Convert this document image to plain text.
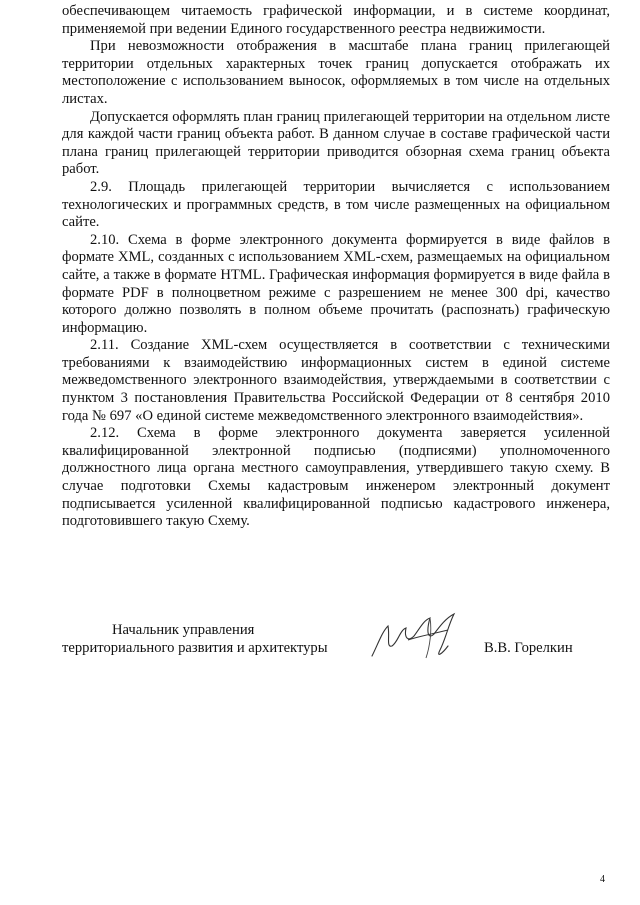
обеспечивающем читаемость графической информации, и в системе координат, применяемой при ведении Единого государственного реестра недвижимости.

При невозможности отображения в масштабе плана границ прилегающей территории отдельных характерных точек границ допускается отображать их местоположение с использованием выносок, оформляемых в том числе на отдельных листах.

Допускается оформлять план границ прилегающей территории на отдельном листе для каждой части границ объекта работ. В данном случае в составе графической части плана границ прилегающей территории приводится обзорная схема границ объекта работ.

2.9. Площадь прилегающей территории вычисляется с использованием технологических и программных средств, в том числе размещенных на официальном сайте.

2.10. Схема в форме электронного документа формируется в виде файлов в формате XML, созданных с использованием XML-схем, размещаемых на официальном сайте, а также в формате HTML. Графическая информация формируется в виде файла в формате PDF в полноцветном режиме с разрешением не менее 300 dpi, качество которого должно позволять в полном объеме прочитать (распознать) графическую информацию.

2.11. Создание XML-схем осуществляется в соответствии с техническими требованиями к взаимодействию информационных систем в единой системе межведомственного электронного взаимодействия, утверждаемыми в соответствии с пунктом 3 постановления Правительства Российской Федерации от 8 сентября 2010 года № 697 «О единой системе межведомственного электронного взаимодействия».

2.12. Схема в форме электронного документа заверяется усиленной квалифицированной электронной подписью (подписями) уполномоченного должностного лица органа местного самоуправления, утвердившего такую схему. В случае подготовки Схемы кадастровым инженером электронный документ подписывается усиленной квалифицированной подписью кадастрового инженера, подготовившего такую Схему.

Начальник управления
территориального развития и архитектуры	В.В. Горелкин
4
